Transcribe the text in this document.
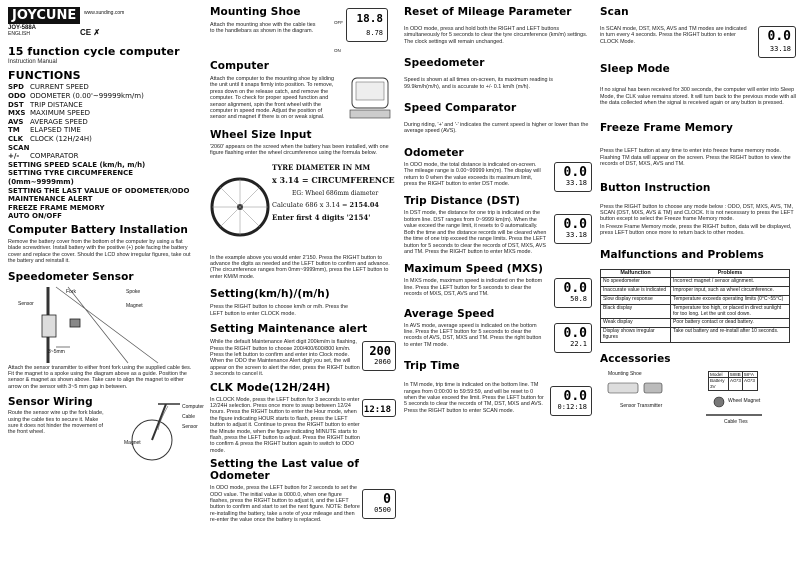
JOYCUNE www.sunding.com
JOY-588A
ENGLISH	CE ✗
15 function cycle computer
Instruction Manual
FUNCTIONS
SPD CURRENT SPEED
ODO ODOMETER (0.00'~99999km/m)
DST TRIP DISTANCE
MXS MAXIMUM SPEED
AVS AVERAGE SPEED
TM ELAPSED TIME
CLK CLOCK (12H/24H)
SCAN
+/- COMPARATOR
SETTING SPEED SCALE (km/h, m/h)
SETTING TYRE CIRCUMFERENCE (0mm~9999mm)
SETTING THE LAST VALUE OF ODOMETER/ODO
MAINTENANCE ALERT
FREEZE FRAME MEMORY
AUTO ON/OFF
Computer Battery Installation
Remove the battery cover from the bottom of the computer by using a flat blade screwdriver. Install battery with the positive (+) pole facing the battery cover and replace the cover. Should the LCD show irregular figures, take out the battery and reinstall it.
Speedometer Sensor
Fork	Spoke
Sensor	Magnet
3~5mm
Attach the sensor transmitter to either front fork using the supplied cable ties. Fit the magnet to a spoke using the diagram above as a guide. Position the sensor & magnet as shown above. Take care to align the magnet to either arrow on the sensor with 3~5 mm gap in between.
Sensor Wiring
Route the sensor wire up the fork blade, using the cable ties to secure it. Make sure it does not hinder the movement of the front wheel.
Computer
Cable
Sensor
Magnet
Mounting Shoe
Attach the mounting shoe with the cable ties to the handlebars as shown in the diagram.
18.8
8.78
OFF
ON
Computer
Attach the computer to the mounting shoe by sliding the unit until it snaps firmly into position. To remove, press down on the release catch, and remove the computer. To check for proper speed function and sensor alignment, spin the front wheel with the computer in speed mode. Adjust the position of sensor and magnet if there is on or weak signal.
Wheel Size Input
'2060' appears on the screed when the battery has been installed, with one figure flashing enter the wheel circumference using the formula below.
TYRE DIAMETER IN MM
x 3.14 = CIRCUMFERENCE
EG: Wheel 686mm diameter
Calculate 686 x 3.14 = 2154.04
Enter first 4 digits '2154'
In the example above you would enter 2'150. Press the RIGHT button to advance the digits as needed and the LEFT button to confirm and advance. (The circumference ranges from 0mm~9999mm), press the LEFT button to enter KM/M mode.
Setting(km/h)/(m/h)
Press the RIGHT button to choose km/h or m/h. Press the LEFT button to enter CLOCK mode.
Setting Maintenance alert
While the default Maintenance Alert digit 200km/m is flashing, Press the RIGHT button to choose 200/400/600/800 km/m. Press the left button to confirm and enter into Clock mode. When the ODO the Maintenance Alert digit you set, the will appear on the screen to alert the rider, press the RIGHT button 3 seconds to cancel it.
200
2060
CLK Mode(12H/24H)
In CLOCK Mode, press the LEFT button for 3 seconds to enter 12/24H selection. Press once more to swap between 12/24 hours. Press the RIGHT button to enter the Hour mode, when the figure indicating HOUR starts to flash, press the LEFT button to adjust it. Continue to press the RIGHT button to enter the Minute mode, when the figure indicating MINUTE starts to flash, press the LEFT button to adjust. Press the RIGHT button to confirm & press the RIGHT button again to switch to ODO mode.
12:18
Setting the Last value of Odometer
In ODO mode, press the LEFT button for 2 seconds to set the ODO value. The initial value is 0000.0, when one figure flashes, press the RIGHT button to adjust it, and the LEFT button to confirm and start to set the next figure. NOTE: Before re-installing the battery, take a note of your mileage and then re-enter the value once the battery is replaced.
0
0500
Reset of Mileage Parameter
In ODO mode, press and hold both the RIGHT and LEFT buttons simultaneously for 5 seconds to clear the tyre circumference (km/m) settings. The clock settings will remain unchanged.
Speedometer
Speed is shown at all times on-screen, its maximum reading is 99.9km/h(m/h), and is accurate to +/- 0.1 km/h (m/h).
Speed Comparator
During riding, '+' and '-' indicates the current speed is higher or lower than the average speed (AVS).
Odometer
In ODO mode, the total distance is indicated on-screen. The mileage range is 0.00~99999 km(m). The display will return to 0 when the value exceeds its maximum limit, press the RIGHT button to enter DST mode.
0.0
33.18
Trip Distance (DST)
In DST mode, the distance for one trip is indicated on the bottom line. DST ranges from 0~9999 km(m). When the value exceed the range limit, it resets to 0 automatically. Both the time and the distance records will be cleared when the time of one trip exceed the range limits. Press the LEFT button for 5 seconds to clear the records of DST, MXS, AVS and TM. Press the RIGHT button to enter MXS mode.
0.0
33.18
Maximum Speed (MXS)
In MXS mode, maximum speed is indicated on the bottom line. Press the LEFT button for 5 seconds to clear the records of MXS, DST, AVS and TM.	0.0
50.8
Average Speed
In AVS mode, average speed is indicated on the bottom line. Press the LEFT button for 5 seconds to clear the records of AVS, DST, MXS and TM. Press the right button to enter TM mode.
0.0
22.1
Trip Time
In TM mode, trip time is indicated on the bottom line. TM ranges from 0:00:00 to 59:59:59, and will be reset to 0 when the value exceed the limit. Press the LEFT button for 5 seconds to clear the records of TM, DST, MXS and AVS. Press the RIGHT button to enter SCAN mode.
0.0
0:12:18
Scan
In SCAN mode, DST, MXS, AVS and TM modes are indicated in turn every 4 seconds. Press the RIGHT button to enter CLOCK Mode.	0.0
33.18
Sleep Mode
If no signal has been received for 300 seconds, the computer will enter into Sleep Mode, the CLK value remains stored. It will turn back to the previous mode with all the data collected when the signal is received again or any button is pressed.
Freeze Frame Memory
Press the LEFT button at any time to enter into freeze frame memory mode. Flashing TM data will appear on the screen. Press the RIGHT button to view the records of DST, MXS, AVS and TM.
Button Instruction
Press the RIGHT button to choose any mode below : ODO, DST, MXS, AVS, TM, SCAN (DST, MXS, AVS & TM) and CLOCK. It is not necessary to press the LEFT button except to select the Freeze frame Memory mode.
In Freeze Frame Memory mode, press the RIGHT button, data will be displayed, press LEFT button once more to return back to other modes.
Malfunctions and Problems
Malfunction	Problems
No speedometer	Incorrect magnet / sensor alignment.
Inaccurate value is indicated	Improper input, such as wheel circumference.
Slow display response	Temperature exceeds operating limits (0°C~55°C)
Black display	Temperature too high, or placed in direct sunlight for too long. Let the unit cool down.
Weak display	Poor battery contact or dead battery.
Display shows irregular figures	Take out battery and re-install after 10 seconds.
Accessories
Mounting Shoe
Sensor Transmitter
Model	588B 58*A
Battery 3V
AG*3 AG*3
Wheel Magnet
Cable Ties
